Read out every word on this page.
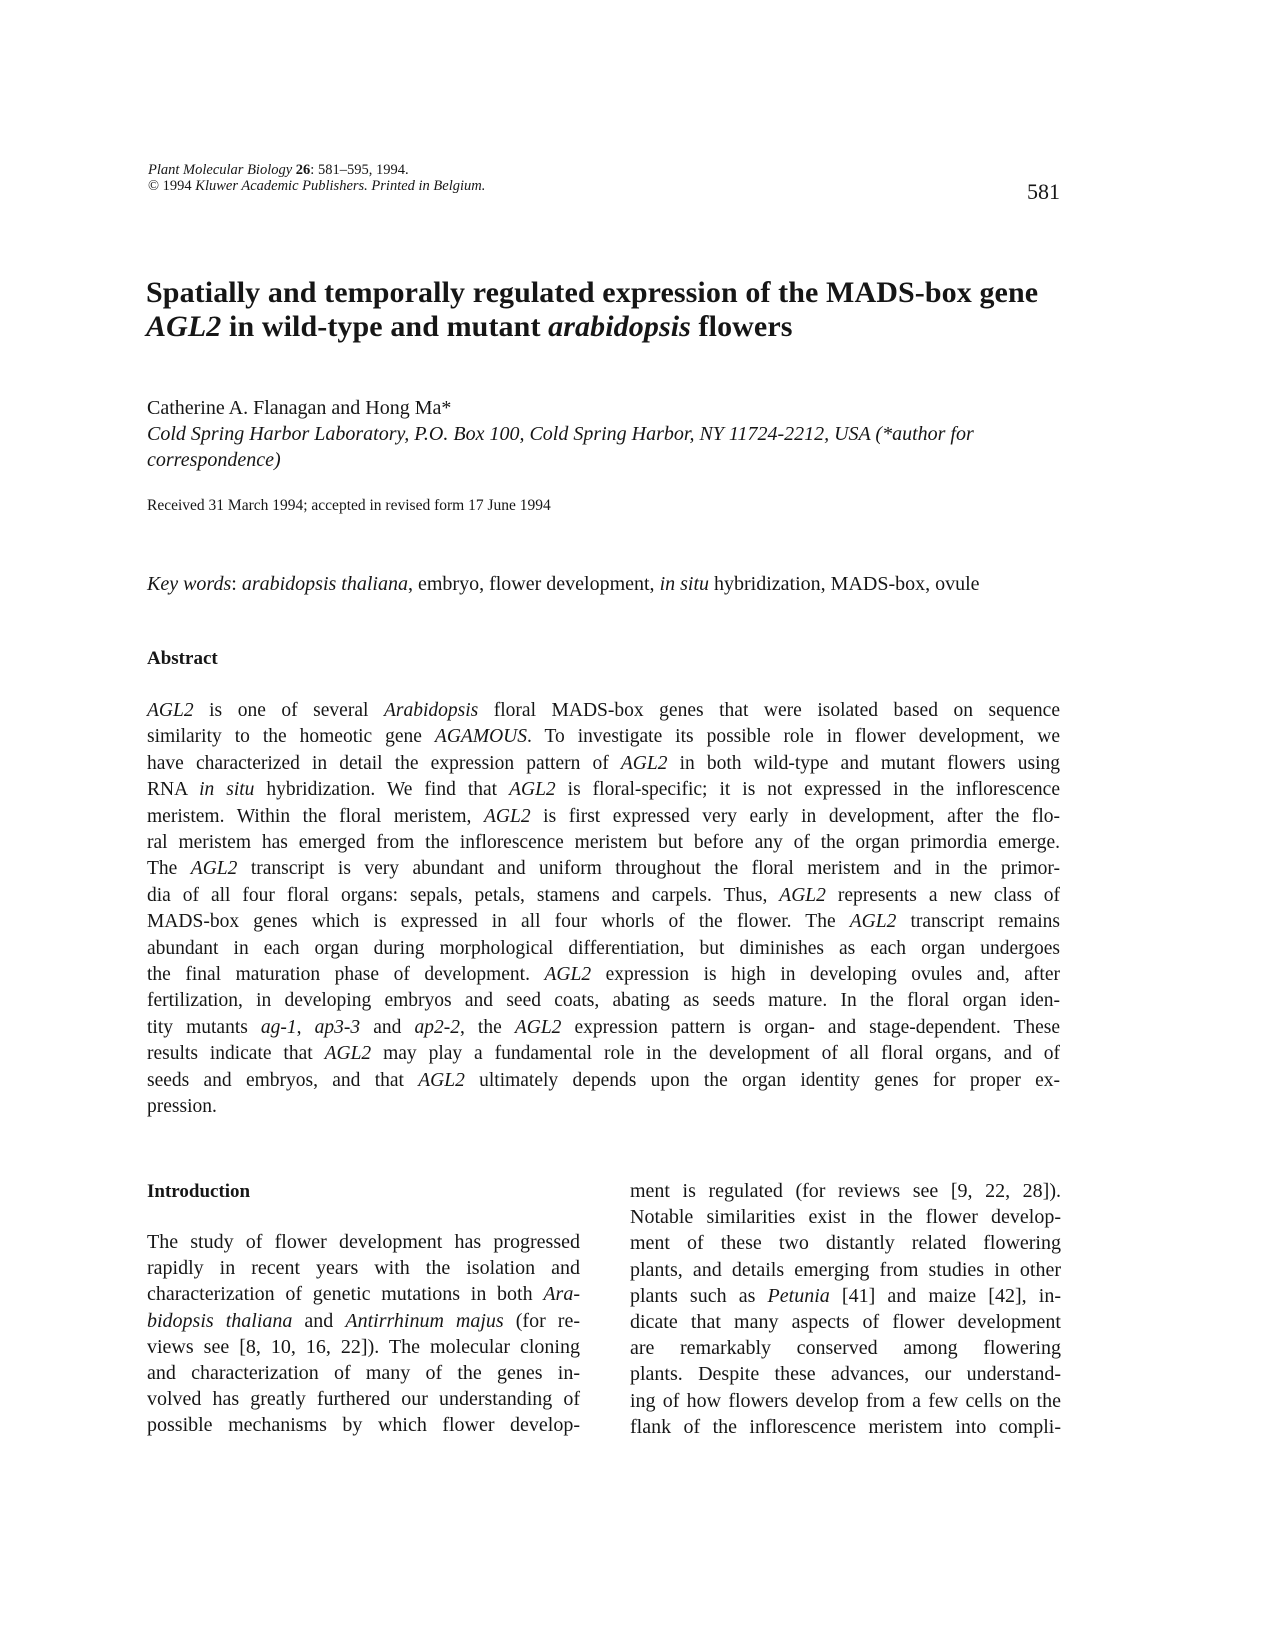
Plant Molecular Biology 26: 581–595, 1994.
© 1994 Kluwer Academic Publishers. Printed in Belgium.	581
Spatially and temporally regulated expression of the MADS-box gene
AGL2 in wild-type and mutant arabidopsis flowers
Catherine A. Flanagan and Hong Ma*
Cold Spring Harbor Laboratory, P.O. Box 100, Cold Spring Harbor, NY 11724-2212, USA (*author for
correspondence)
Received 31 March 1994; accepted in revised form 17 June 1994
Key words: arabidopsis thaliana, embryo, flower development, in situ hybridization, MADS-box, ovule
Abstract
AGL2 is one of several Arabidopsis floral MADS-box genes that were isolated based on sequence
similarity to the homeotic gene AGAMOUS. To investigate its possible role in flower development, we
have characterized in detail the expression pattern of AGL2 in both wild-type and mutant flowers using
RNA in situ hybridization. We find that AGL2 is floral-specific; it is not expressed in the inflorescence
meristem. Within the floral meristem, AGL2 is first expressed very early in development, after the flo-
ral meristem has emerged from the inflorescence meristem but before any of the organ primordia emerge.
The AGL2 transcript is very abundant and uniform throughout the floral meristem and in the primor-
dia of all four floral organs: sepals, petals, stamens and carpels. Thus, AGL2 represents a new class of
MADS-box genes which is expressed in all four whorls of the flower. The AGL2 transcript remains
abundant in each organ during morphological differentiation, but diminishes as each organ undergoes
the final maturation phase of development. AGL2 expression is high in developing ovules and, after
fertilization, in developing embryos and seed coats, abating as seeds mature. In the floral organ iden-
tity mutants ag-1, ap3-3 and ap2-2, the AGL2 expression pattern is organ- and stage-dependent. These
results indicate that AGL2 may play a fundamental role in the development of all floral organs, and of
seeds and embryos, and that AGL2 ultimately depends upon the organ identity genes for proper ex-
pression.
Introduction
The study of flower development has progressed
rapidly in recent years with the isolation and
characterization of genetic mutations in both Ara-
bidopsis thaliana and Antirrhinum majus (for re-
views see [8, 10, 16, 22]). The molecular cloning
and characterization of many of the genes in-
volved has greatly furthered our understanding of
possible mechanisms by which flower develop-
ment is regulated (for reviews see [9, 22, 28]).
Notable similarities exist in the flower develop-
ment of these two distantly related flowering
plants, and details emerging from studies in other
plants such as Petunia [41] and maize [42], in-
dicate that many aspects of flower development
are remarkably conserved among flowering
plants. Despite these advances, our understand-
ing of how flowers develop from a few cells on the
flank of the inflorescence meristem into compli-
